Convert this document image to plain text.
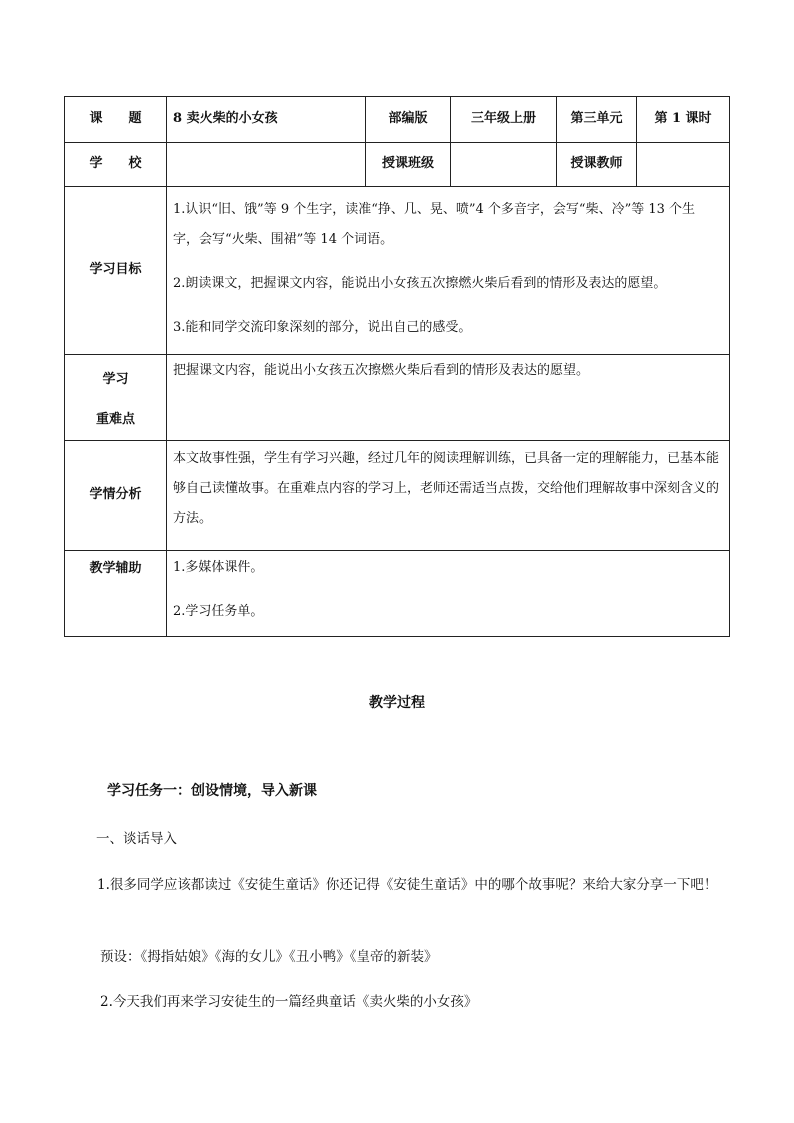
课　　题	8 卖火柴的小女孩	部编版	三年级上册	第三单元	第 1 课时
学　　校		授课班级		授课教师	
学习目标	1.认识“旧、饿”等 9 个生字，读准“挣、几、晃、喷”4 个多音字，会写“柴、冷”等 13 个生字，会写“火柴、围裙”等 14 个词语。

2.朗读课文，把握课文内容，能说出小女孩五次擦燃火柴后看到的情形及表达的愿望。

3.能和同学交流印象深刻的部分，说出自己的感受。				

学习
重难点	把握课文内容，能说出小女孩五次擦燃火柴后看到的情形及表达的愿望。				
学情分析	本文故事性强，学生有学习兴趣，经过几年的阅读理解训练，已具备一定的理解能力，已基本能够自己读懂故事。在重难点内容的学习上，老师还需适当点拨，交给他们理解故事中深刻含义的方法。				
教学辅助	1.多媒体课件。

2.学习任务单。				

教学过程
学习任务一：创设情境，导入新课
一、谈话导入
1.很多同学应该都读过《安徒生童话》你还记得《安徒生童话》中的哪个故事呢？来给大家分享一下吧！
预设：《拇指姑娘》《海的女儿》《丑小鸭》《皇帝的新装》
2.今天我们再来学习安徒生的一篇经典童话《卖火柴的小女孩》
